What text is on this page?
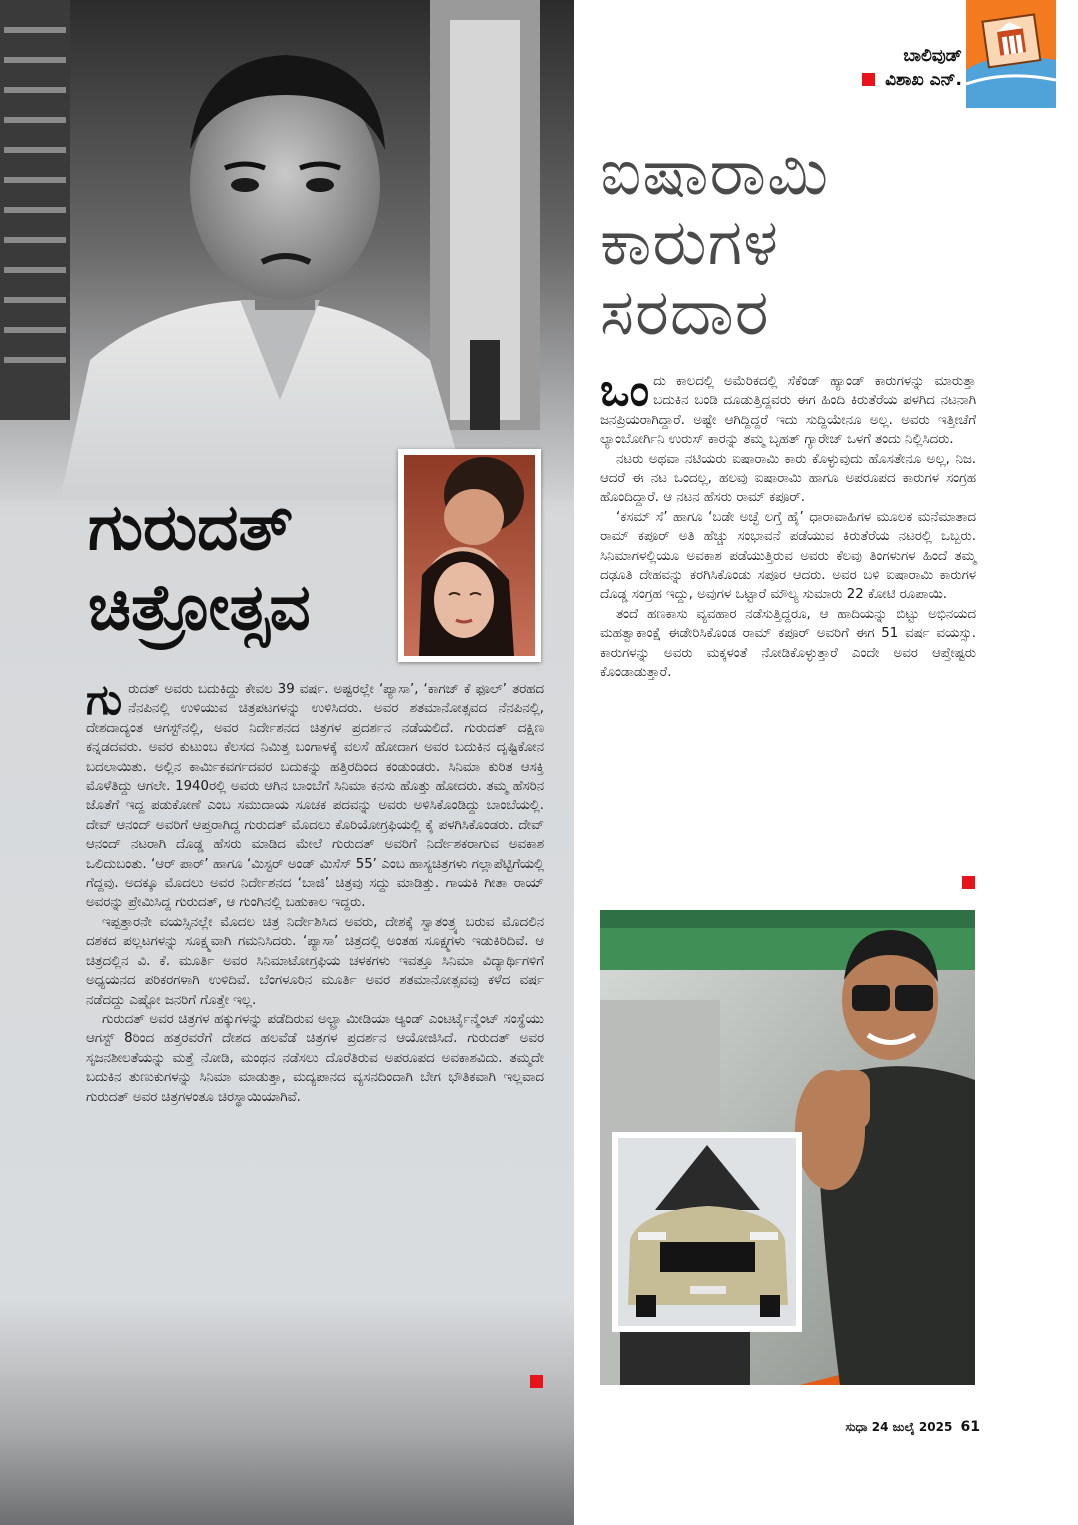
ಗುರುದತ್
ಚಿತ್ರೋತ್ಸವ

ಗುರುದತ್ ಅವರು ಬದುಕಿದ್ದು ಕೇವಲ 39 ವರ್ಷ. ಅಷ್ಟರಲ್ಲೇ ‘ಪ್ಯಾಸಾ’, ‘ಕಾಗಜ್ ಕೆ ಫೂಲ್’ ತರಹದ ನೆನಪಿನಲ್ಲಿ ಉಳಿಯುವ ಚಿತ್ರಪಟಗಳನ್ನು ಉಳಿಸಿದರು. ಅವರ ಶತಮಾನೋತ್ಸವದ ನೆನಪಿನಲ್ಲಿ, ದೇಶದಾದ್ಯಂತ ಆಗಸ್ಟ್‌ನಲ್ಲಿ, ಅವರ ನಿರ್ದೇಶನದ ಚಿತ್ರಗಳ ಪ್ರದರ್ಶನ ನಡೆಯಲಿದೆ. ಗುರುದತ್ ದಕ್ಷಿಣ ಕನ್ನಡದವರು. ಅವರ ಕುಟುಂಬ ಕೆಲಸದ ನಿಮಿತ್ತ ಬಂಗಾಳಕ್ಕೆ ವಲಸೆ ಹೋದಾಗ ಅವರ ಬದುಕಿನ ದೃಷ್ಟಿಕೋನ ಬದಲಾಯಿತು. ಅಲ್ಲಿನ ಕಾರ್ಮಿಕವರ್ಗದವರ ಬದುಕನ್ನು ಹತ್ತಿರದಿಂದ ಕಂಡುಂಡರು. ಸಿನಿಮಾ ಕುರಿತ ಆಸಕ್ತಿ ಮೊಳೆತಿದ್ದು ಆಗಲೇ. 1940ರಲ್ಲಿ ಅವರು ಆಗಿನ ಬಾಂಬೆಗೆ ಸಿನಿಮಾ ಕನಸು ಹೊತ್ತು ಹೋದರು. ತಮ್ಮ ಹೆಸರಿನ ಜೊತೆಗೆ ಇದ್ದ ಪಡುಕೋಣೆ ಎಂಬ ಸಮುದಾಯ ಸೂಚಕ ಪದವನ್ನು ಅವರು ಅಳಿಸಿಕೊಂಡಿದ್ದು ಬಾಂಬೆಯಲ್ಲಿ. ದೇವ್ ಆನಂದ್ ಅವರಿಗೆ ಆಪ್ತರಾಗಿದ್ದ ಗುರುದತ್ ಮೊದಲು ಕೊರಿಯೋಗ್ರಫಿಯಲ್ಲಿ ಕೈ ಪಳಗಿಸಿಕೊಂಡರು. ದೇವ್ ಆನಂದ್ ನಟರಾಗಿ ದೊಡ್ಡ ಹೆಸರು ಮಾಡಿದ ಮೇಲೆ ಗುರುದತ್ ಅವರಿಗೆ ನಿರ್ದೇಶಕರಾಗುವ ಅವಕಾಶ ಒಲಿದುಬಂತು. ‘ಆರ್ ಪಾರ್’ ಹಾಗೂ ‘ಮಿಸ್ಟರ್ ಅಂಡ್ ಮಿಸೆಸ್ 55’ ಎಂಬ ಹಾಸ್ಯಚಿತ್ರಗಳು ಗಲ್ಲಾಪೆಟ್ಟಿಗೆಯಲ್ಲಿ ಗೆದ್ದವು. ಅದಕ್ಕೂ ಮೊದಲು ಅವರ ನಿರ್ದೇಶನದ ‘ಬಾಜಿ’ ಚಿತ್ರವು ಸದ್ದು ಮಾಡಿತ್ತು. ಗಾಯಕಿ ಗೀತಾ ರಾಯ್ ಅವರನ್ನು ಪ್ರೇಮಿಸಿದ್ದ ಗುರುದತ್, ಆ ಗುಂಗಿನಲ್ಲಿ ಬಹುಕಾಲ ಇದ್ದರು.

ಇಪ್ಪತ್ತಾರನೇ ವಯಸ್ಸಿನಲ್ಲೇ ಮೊದಲ ಚಿತ್ರ ನಿರ್ದೇಶಿಸಿದ ಅವರು, ದೇಶಕ್ಕೆ ಸ್ವಾತಂತ್ರ್ಯ ಬರುವ ಮೊದಲಿನ ದಶಕದ ಪಲ್ಲಟಗಳನ್ನು ಸೂಕ್ಷ್ಮವಾಗಿ ಗಮನಿಸಿದರು. ‘ಪ್ಯಾಸಾ’ ಚಿತ್ರದಲ್ಲಿ ಅಂತಹ ಸೂಕ್ಷ್ಮಗಳು ಇಡುಕಿರಿದಿವೆ. ಆ ಚಿತ್ರದಲ್ಲಿನ ವಿ. ಕೆ. ಮೂರ್ತಿ ಅವರ ಸಿನಿಮಾಟೋಗ್ರಫಿಯ ಚಳಕಗಳು ಇವತ್ತೂ ಸಿನಿಮಾ ವಿದ್ಯಾರ್ಥಿಗಳಿಗೆ ಅಧ್ಯಯನದ ಪರಿಕರಗಳಾಗಿ ಉಳಿದಿವೆ. ಬೆಂಗಳೂರಿನ ಮೂರ್ತಿ ಅವರ ಶತಮಾನೋತ್ಸವವು ಕಳೆದ ವರ್ಷ ನಡೆದದ್ದು ಎಷ್ಟೋ ಜನರಿಗೆ ಗೊತ್ತೇ ಇಲ್ಲ.

ಗುರುದತ್ ಅವರ ಚಿತ್ರಗಳ ಹಕ್ಕುಗಳನ್ನು ಪಡೆದಿರುವ ಅಲ್ಟ್ರಾ ಮೀಡಿಯಾ ಆ್ಯಂಡ್ ಎಂಟರ್ಟೈನ್ಮೆಂಟ್ ಸಂಸ್ಥೆಯು ಆಗಸ್ಟ್ 8ರಿಂದ ಹತ್ತರವರೆಗೆ ದೇಶದ ಹಲವೆಡೆ ಚಿತ್ರಗಳ ಪ್ರದರ್ಶನ ಆಯೋಜಿಸಿದೆ. ಗುರುದತ್ ಅವರ ಸೃಜನಶೀಲತೆಯನ್ನು ಮತ್ತೆ ನೋಡಿ, ಮಂಥನ ನಡೆಸಲು ದೊರೆತಿರುವ ಅಪರೂಪದ ಅವಕಾಶವಿದು. ತಮ್ಮದೇ ಬದುಕಿನ ತುಣುಕುಗಳನ್ನು ಸಿನಿಮಾ ಮಾಡುತ್ತಾ, ಮದ್ಯಪಾನದ ವ್ಯಸನದಿಂದಾಗಿ ಬೇಗ ಭೌತಿಕವಾಗಿ ಇಲ್ಲವಾದ ಗುರುದತ್ ಅವರ ಚಿತ್ರಗಳಂತೂ ಚಿರಸ್ಥಾಯಿಯಾಗಿವೆ.

ಬಾಲಿವುಡ್
ವಿಶಾಖ ಎನ್.
ಐಷಾರಾಮಿ
ಕಾರುಗಳ
ಸರದಾರ

ಒಂದು ಕಾಲದಲ್ಲಿ ಅಮೆರಿಕದಲ್ಲಿ ಸೆಕೆಂಡ್ ಹ್ಯಾಂಡ್ ಕಾರುಗಳನ್ನು ಮಾರುತ್ತಾ ಬದುಕಿನ ಬಂಡಿ ದೂಡುತ್ತಿದ್ದವರು ಈಗ ಹಿಂದಿ ಕಿರುತೆರೆಯ ಪಳಗಿದ ನಟನಾಗಿ ಜನಪ್ರಿಯರಾಗಿದ್ದಾರೆ. ಅಷ್ಟೇ ಆಗಿದ್ದಿದ್ದರೆ ಇದು ಸುದ್ದಿಯೇನೂ ಅಲ್ಲ. ಅವರು ಇತ್ತೀಚೆಗೆ ಲ್ಯಾಂಬೋರ್ಗಿನಿ ಉರುಸ್ ಕಾರನ್ನು ತಮ್ಮ ಬೃಹತ್ ಗ್ಯಾರೇಜ್ ಒಳಗೆ ತಂದು ನಿಲ್ಲಿಸಿದರು.

ನಟರು ಅಥವಾ ನಟಿಯರು ಐಷಾರಾಮಿ ಕಾರು ಕೊಳ್ಳುವುದು ಹೊಸತೇನೂ ಅಲ್ಲ, ನಿಜ. ಆದರೆ ಈ ನಟ ಒಂದಲ್ಲ, ಹಲವು ಐಷಾರಾಮಿ ಹಾಗೂ ಅಪರೂಪದ ಕಾರುಗಳ ಸಂಗ್ರಹ ಹೊಂದಿದ್ದಾರೆ. ಆ ನಟನ ಹೆಸರು ರಾಮ್ ಕಪೂರ್.

‘ಕಸಮ್ ಸೆ’ ಹಾಗೂ ‘ಬಡೇ ಅಚ್ಛೆ ಲಗ್ತೆ ಹೈ’ ಧಾರಾವಾಹಿಗಳ ಮೂಲಕ ಮನೆಮಾತಾದ ರಾಮ್ ಕಪೂರ್ ಅತಿ ಹೆಚ್ಚು ಸಂಭಾವನೆ ಪಡೆಯುವ ಕಿರುತೆರೆಯ ನಟರಲ್ಲಿ ಒಬ್ಬರು. ಸಿನಿಮಾಗಳಲ್ಲಿಯೂ ಅವಕಾಶ ಪಡೆಯುತ್ತಿರುವ ಅವರು ಕೆಲವು ತಿಂಗಳುಗಳ ಹಿಂದೆ ತಮ್ಮ ದಢೂತಿ ದೇಹವನ್ನು ಕರಗಿಸಿಕೊಂಡು ಸಪೂರ ಆದರು. ಅವರ ಬಳಿ ಐಷಾರಾಮಿ ಕಾರುಗಳ ದೊಡ್ಡ ಸಂಗ್ರಹ ಇದ್ದು, ಅವುಗಳ ಒಟ್ಟಾರೆ ಮೌಲ್ಯ ಸುಮಾರು 22 ಕೋಟಿ ರೂಪಾಯಿ.

ತಂದೆ ಹಣಕಾಸು ವ್ಯವಹಾರ ನಡೆಸುತ್ತಿದ್ದರೂ, ಆ ಹಾದಿಯನ್ನು ಬಿಟ್ಟು ಅಭಿನಯದ ಮಹತ್ವಾಕಾಂಕ್ಷೆ ಈಡೇರಿಸಿಕೊಂಡ ರಾಮ್ ಕಪೂರ್ ಅವರಿಗೆ ಈಗ 51 ವರ್ಷ ವಯಸ್ಸು. ಕಾರುಗಳನ್ನು ಅವರು ಮಕ್ಕಳಂತೆ ನೋಡಿಕೊಳ್ಳುತ್ತಾರೆ ಎಂದೇ ಅವರ ಆಪ್ತೇಷ್ಟರು ಕೊಂಡಾಡುತ್ತಾರೆ.

ಸುಧಾ 24 ಜುಲೈ 2025 61
